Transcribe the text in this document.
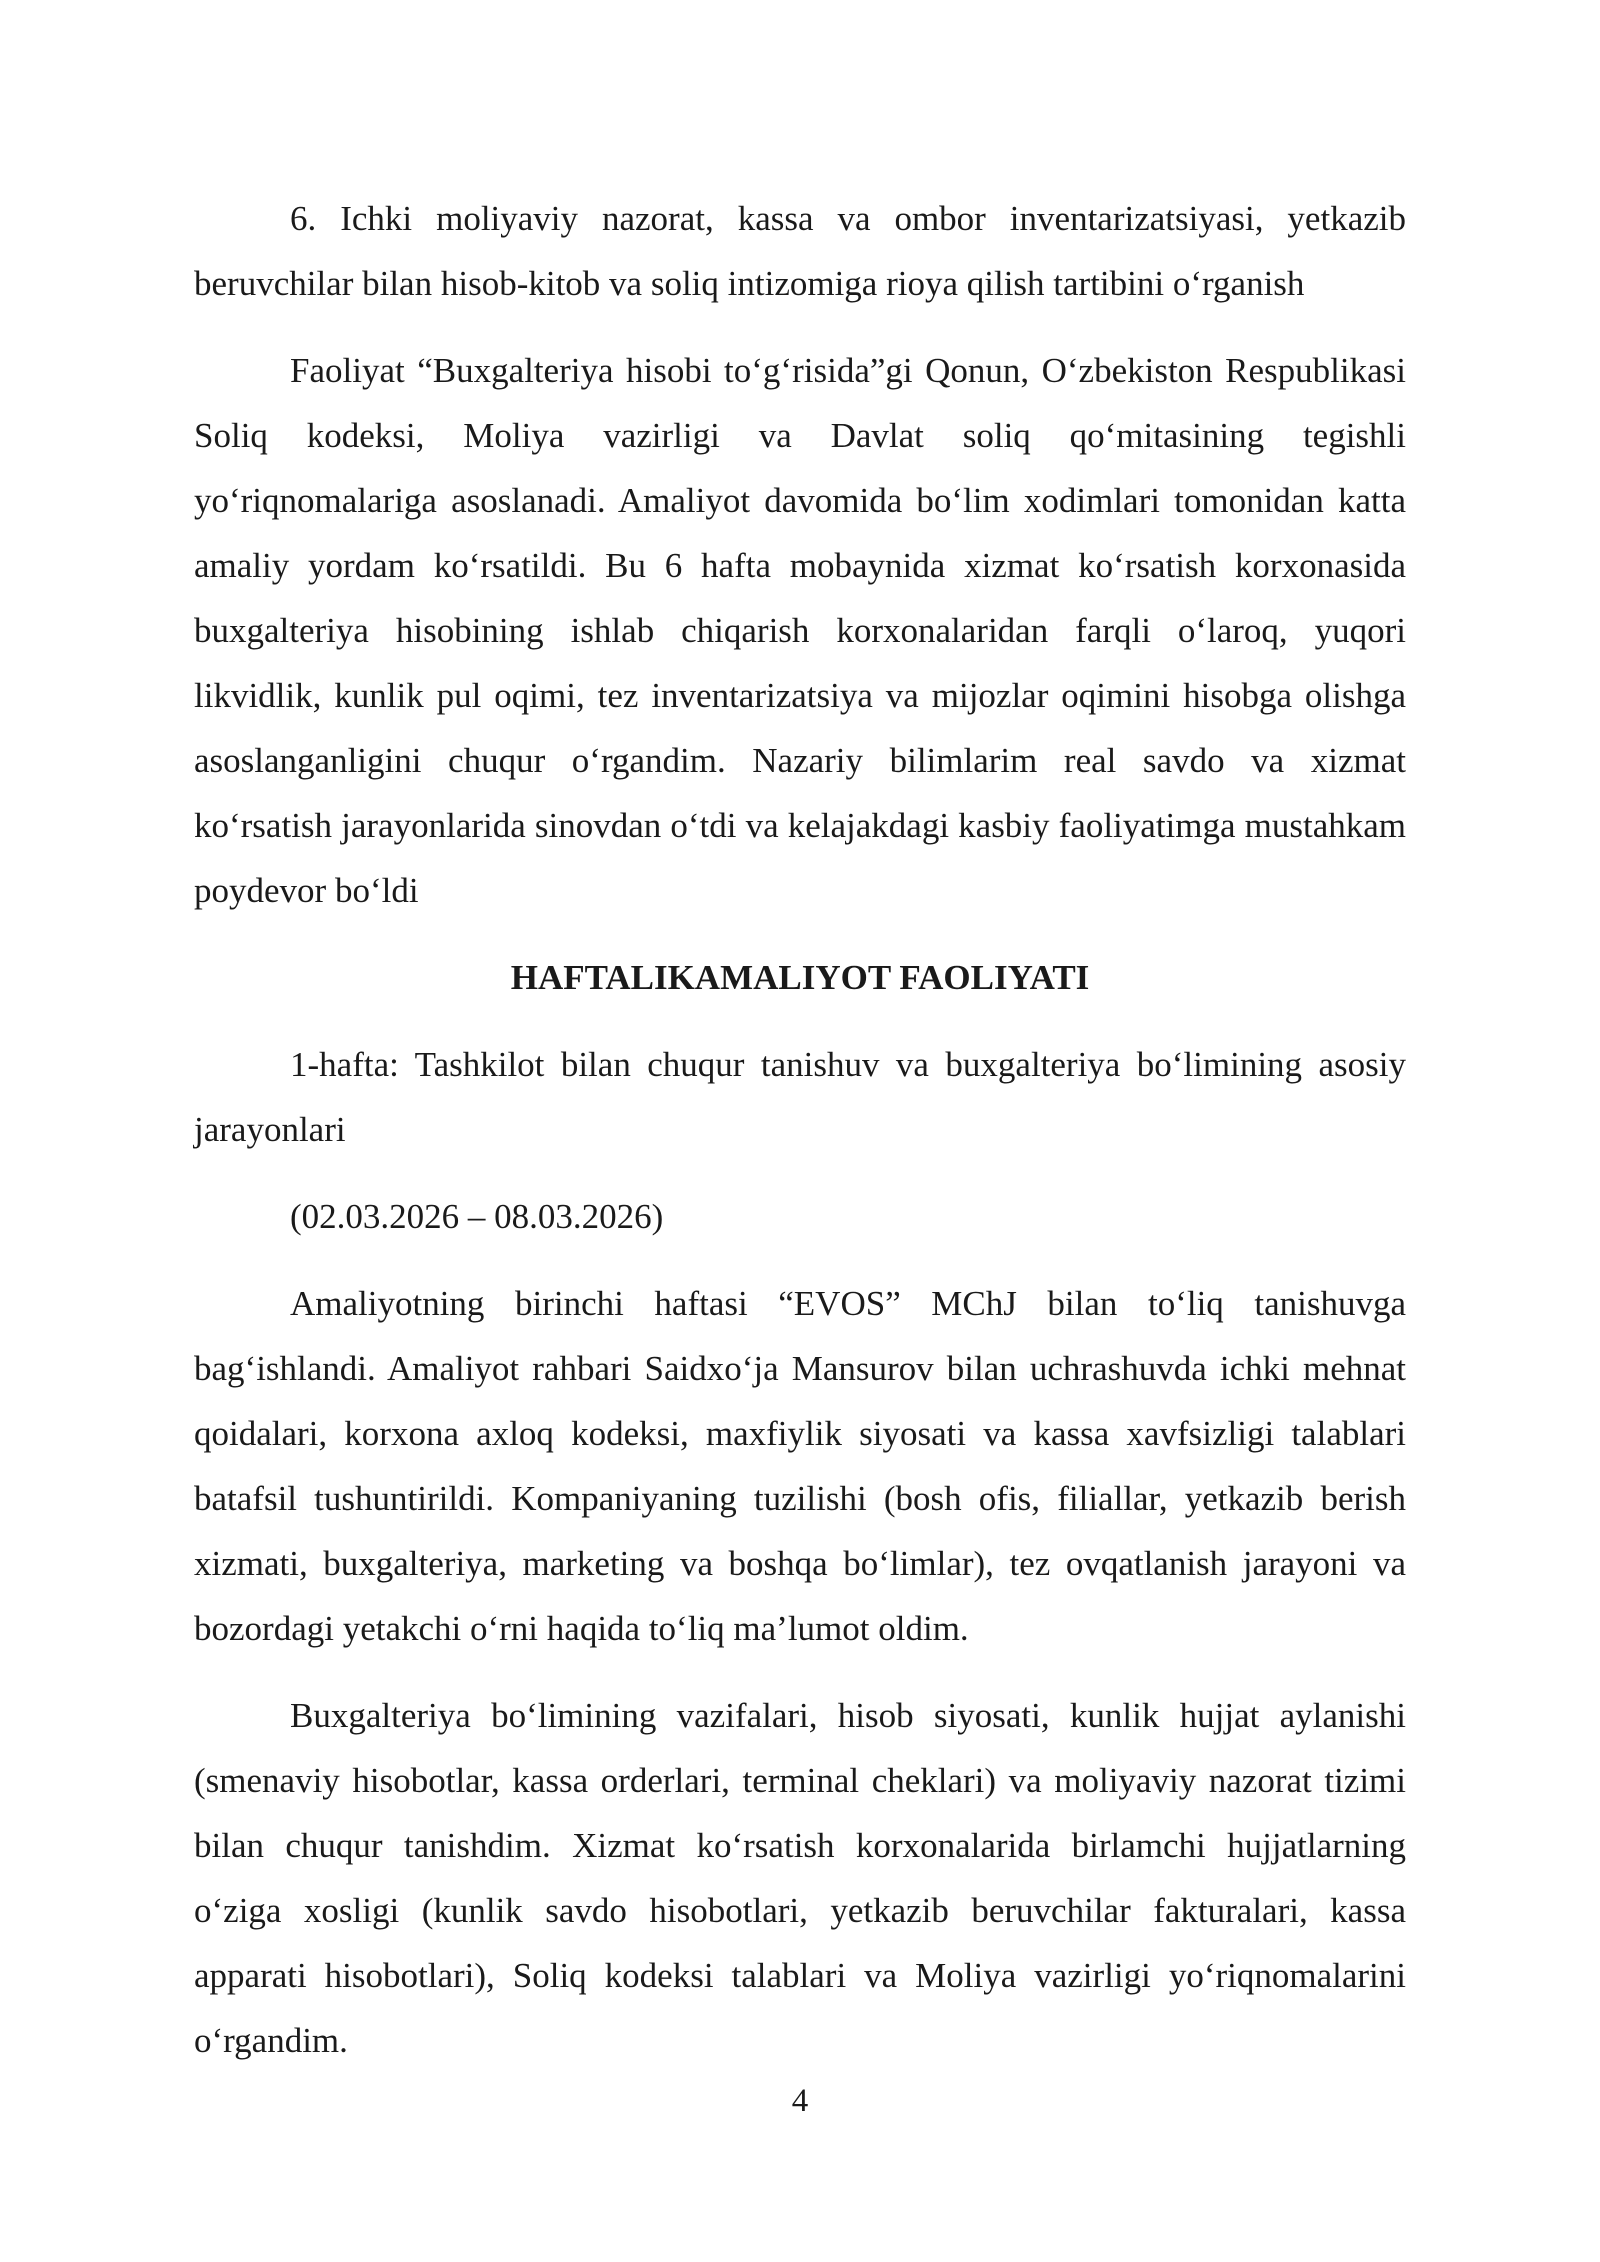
6. Ichki moliyaviy nazorat, kassa va ombor inventarizatsiyasi, yetkazib beruvchilar bilan hisob-kitob va soliq intizomiga rioya qilish tartibini o‘rganish

Faoliyat “Buxgalteriya hisobi to‘g‘risida”gi Qonun, O‘zbekiston Respublikasi Soliq kodeksi, Moliya vazirligi va Davlat soliq qo‘mitasining tegishli yo‘riqnomalariga asoslanadi. Amaliyot davomida bo‘lim xodimlari tomonidan katta amaliy yordam ko‘rsatildi. Bu 6 hafta mobaynida xizmat ko‘rsatish korxonasida buxgalteriya hisobining ishlab chiqarish korxonalaridan farqli o‘laroq, yuqori likvidlik, kunlik pul oqimi, tez inventarizatsiya va mijozlar oqimini hisobga olishga asoslanganligini chuqur o‘rgandim. Nazariy bilimlarim real savdo va xizmat ko‘rsatish jarayonlarida sinovdan o‘tdi va kelajakdagi kasbiy faoliyatimga mustahkam poydevor bo‘ldi

HAFTALIKAMALIYOT FAOLIYATI

1-hafta: Tashkilot bilan chuqur tanishuv va buxgalteriya bo‘limining asosiy jarayonlari

(02.03.2026 – 08.03.2026)

Amaliyotning birinchi haftasi “EVOS” MChJ bilan to‘liq tanishuvga bag‘ishlandi. Amaliyot rahbari Saidxo‘ja Mansurov bilan uchrashuvda ichki mehnat qoidalari, korxona axloq kodeksi, maxfiylik siyosati va kassa xavfsizligi talablari batafsil tushuntirildi. Kompaniyaning tuzilishi (bosh ofis, filiallar, yetkazib berish xizmati, buxgalteriya, marketing va boshqa bo‘limlar), tez ovqatlanish jarayoni va bozordagi yetakchi o‘rni haqida to‘liq ma’lumot oldim.

Buxgalteriya bo‘limining vazifalari, hisob siyosati, kunlik hujjat aylanishi (smenaviy hisobotlar, kassa orderlari, terminal cheklari) va moliyaviy nazorat tizimi bilan chuqur tanishdim. Xizmat ko‘rsatish korxonalarida birlamchi hujjatlarning o‘ziga xosligi (kunlik savdo hisobotlari, yetkazib beruvchilar fakturalari, kassa apparati hisobotlari), Soliq kodeksi talablari va Moliya vazirligi yo‘riqnomalarini o‘rgandim.

4
